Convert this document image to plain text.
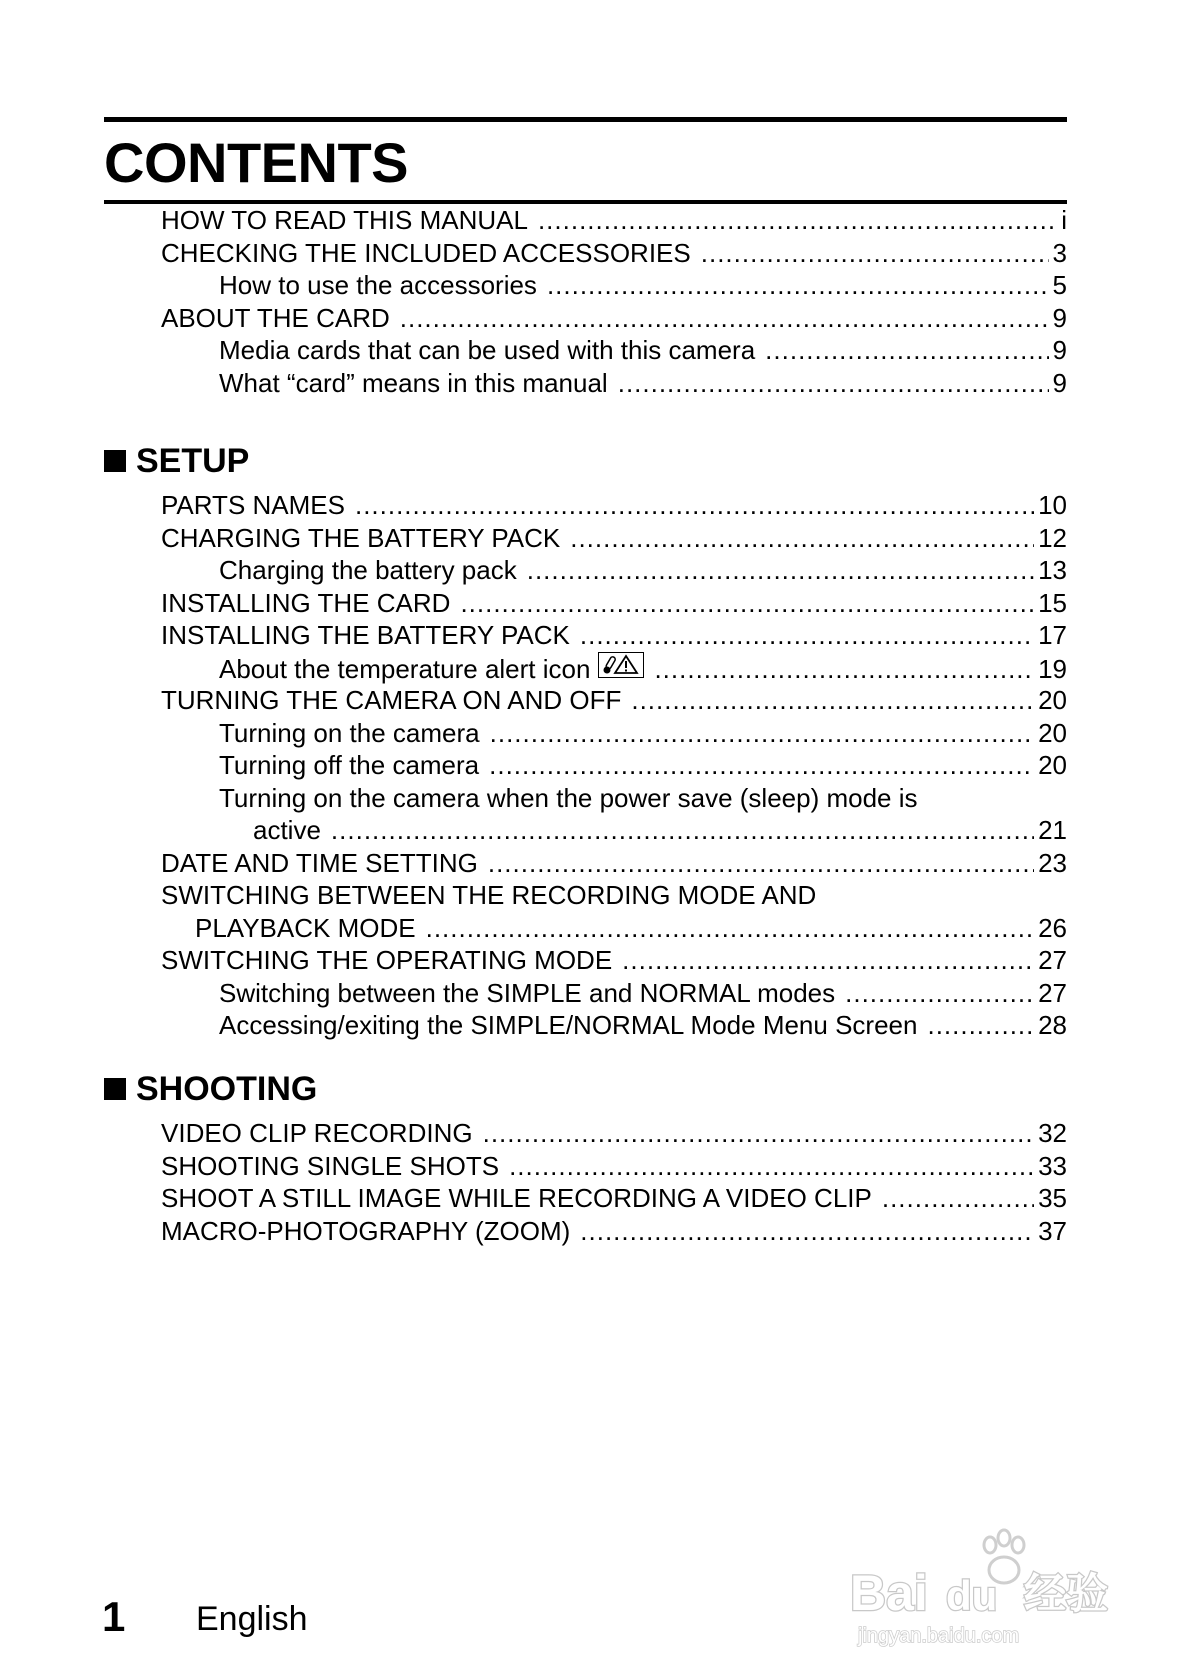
CONTENTS
HOW TO READ THIS MANUAL .....	i
CHECKING THE INCLUDED ACCESSORIES .....	3
How to use the accessories .....	5
ABOUT THE CARD .....	9
Media cards that can be used with this camera .....	9
What “card” means in this manual .....	9
SETUP
PARTS NAMES .....	10
CHARGING THE BATTERY PACK .....	12
Charging the battery pack .....	13
INSTALLING THE CARD .....	15
INSTALLING THE BATTERY PACK .....	17
About the temperature alert icon .....	19
TURNING THE CAMERA ON AND OFF .....	20
Turning on the camera .....	20
Turning off the camera .....	20
Turning on the camera when the power save (sleep) mode is
active .....	21
DATE AND TIME SETTING .....	23
SWITCHING BETWEEN THE RECORDING MODE AND
PLAYBACK MODE .....	26
SWITCHING THE OPERATING MODE .....	27
Switching between the SIMPLE and NORMAL modes .....	27
Accessing/exiting the SIMPLE/NORMAL Mode Menu Screen .....	28
SHOOTING
VIDEO CLIP RECORDING .....	32
SHOOTING SINGLE SHOTS .....	33
SHOOT A STILL IMAGE WHILE RECORDING A VIDEO CLIP .....	35
MACRO-PHOTOGRAPHY (ZOOM) .....	37
1 English	Bai du 经验
jingyan.baidu.com
